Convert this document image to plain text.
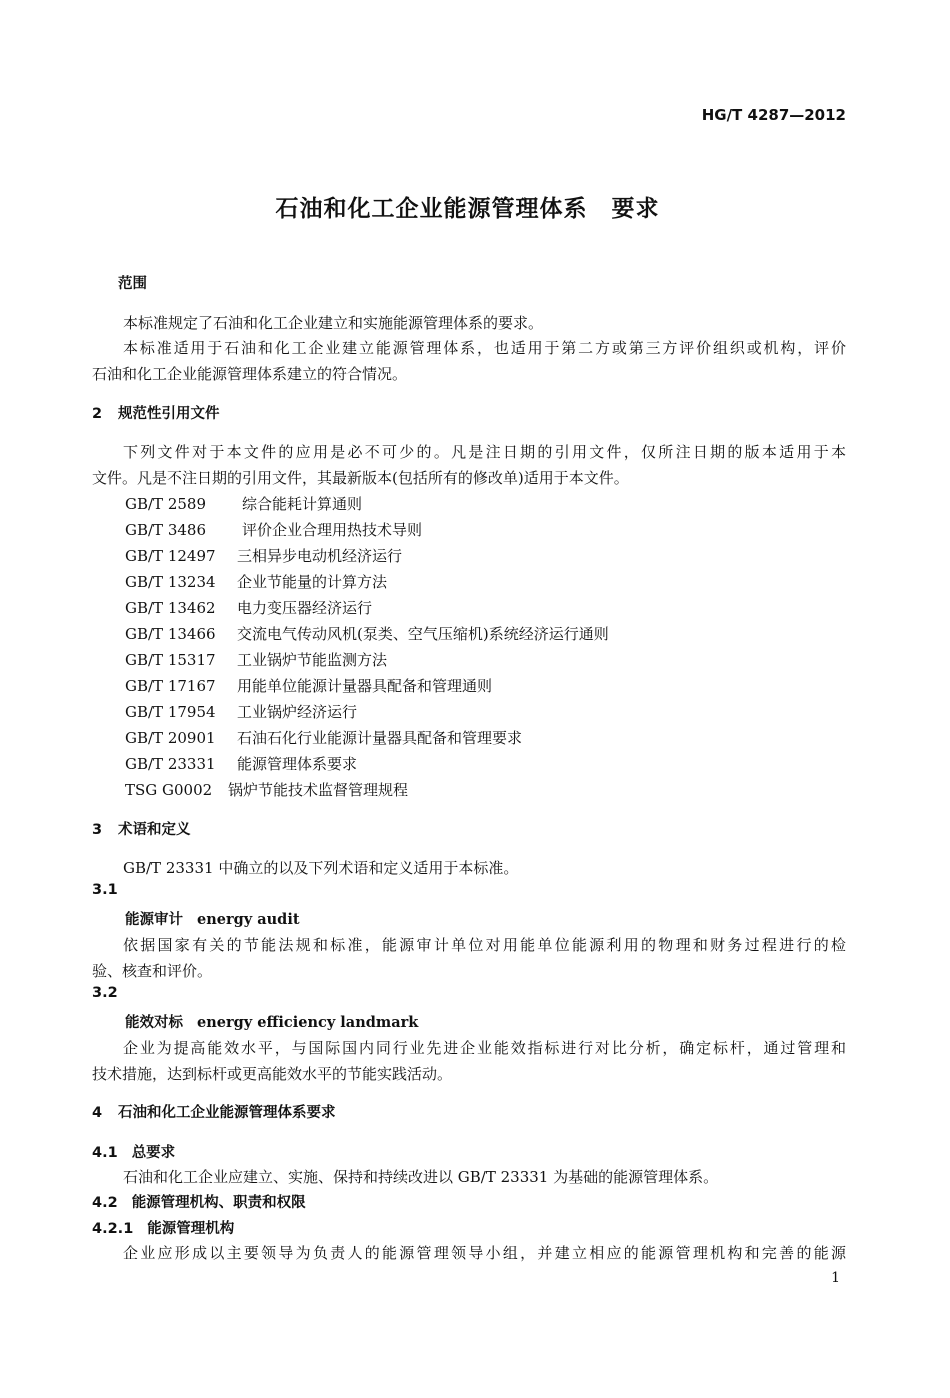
HG/T 4287—2012
石油和化工企业能源管理体系　要求
范围
本标准规定了石油和化工企业建立和实施能源管理体系的要求。
本标准适用于石油和化工企业建立能源管理体系，也适用于第二方或第三方评价组织或机构，评价
石油和化工企业能源管理体系建立的符合情况。
2 规范性引用文件
下列文件对于本文件的应用是必不可少的。凡是注日期的引用文件，仅所注日期的版本适用于本
文件。凡是不注日期的引用文件，其最新版本(包括所有的修改单)适用于本文件。
GB/T 2589 综合能耗计算通则
GB/T 3486 评价企业合理用热技术导则
GB/T 12497 三相异步电动机经济运行
GB/T 13234 企业节能量的计算方法
GB/T 13462 电力变压器经济运行
GB/T 13466 交流电气传动风机(泵类、空气压缩机)系统经济运行通则
GB/T 15317 工业锅炉节能监测方法
GB/T 17167 用能单位能源计量器具配备和管理通则
GB/T 17954 工业锅炉经济运行
GB/T 20901 石油石化行业能源计量器具配备和管理要求
GB/T 23331 能源管理体系要求
TSG G0002 锅炉节能技术监督管理规程
3 术语和定义
GB/T 23331 中确立的以及下列术语和定义适用于本标准。
3.1
能源审计 energy audit
依据国家有关的节能法规和标准，能源审计单位对用能单位能源利用的物理和财务过程进行的检
验、核查和评价。
3.2
能效对标 energy efficiency landmark
企业为提高能效水平，与国际国内同行业先进企业能效指标进行对比分析，确定标杆，通过管理和
技术措施，达到标杆或更高能效水平的节能实践活动。
4 石油和化工企业能源管理体系要求
4.1 总要求
石油和化工企业应建立、实施、保持和持续改进以 GB/T 23331 为基础的能源管理体系。
4.2 能源管理机构、职责和权限
4.2.1 能源管理机构
企业应形成以主要领导为负责人的能源管理领导小组，并建立相应的能源管理机构和完善的能源
1
